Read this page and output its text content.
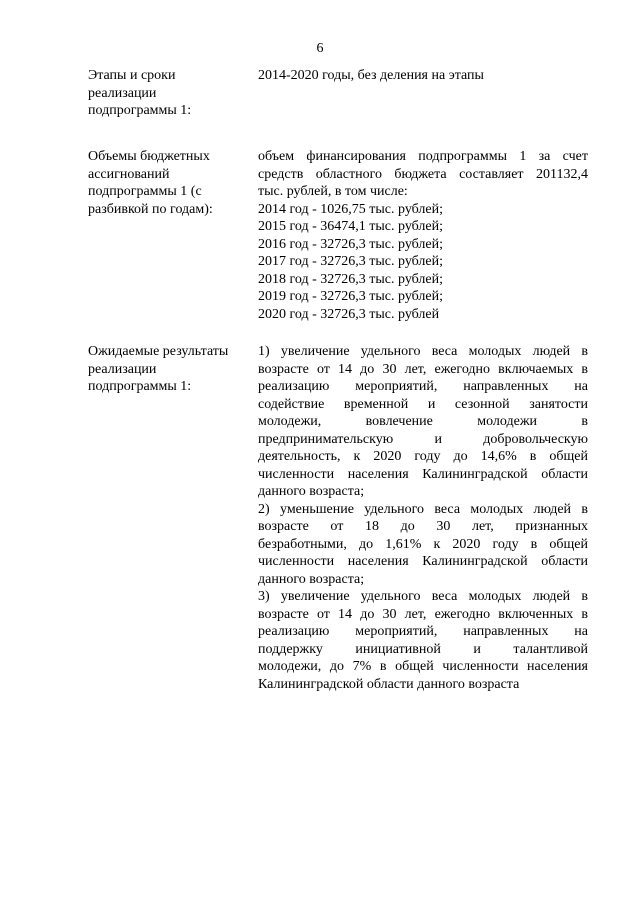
6
Этапы и сроки
реализации
подпрограммы 1:
2014-2020 годы, без деления на этапы
Объемы бюджетных
ассигнований
подпрограммы 1 (с
разбивкой по годам):
объем финансирования подпрограммы 1 за счет
средств областного бюджета составляет 201132,4
тыс. рублей, в том числе:
2014 год - 1026,75 тыс. рублей;
2015 год - 36474,1 тыс. рублей;
2016 год - 32726,3 тыс. рублей;
2017 год - 32726,3 тыс. рублей;
2018 год - 32726,3 тыс. рублей;
2019 год - 32726,3 тыс. рублей;
2020 год - 32726,3 тыс. рублей
Ожидаемые результаты
реализации
подпрограммы 1:
1) увеличение удельного веса молодых людей в
возрасте от 14 до 30 лет, ежегодно включаемых в
реализацию мероприятий, направленных на
содействие временной и сезонной занятости
молодежи, вовлечение молодежи в
предпринимательскую и добровольческую
деятельность, к 2020 году до 14,6% в общей
численности населения Калининградской области
данного возраста;
2) уменьшение удельного веса молодых людей в
возрасте от 18 до 30 лет, признанных
безработными, до 1,61% к 2020 году в общей
численности населения Калининградской области
данного возраста;
3) увеличение удельного веса молодых людей в
возрасте от 14 до 30 лет, ежегодно включенных в
реализацию мероприятий, направленных на
поддержку инициативной и талантливой
молодежи, до 7% в общей численности населения
Калининградской области данного возраста
